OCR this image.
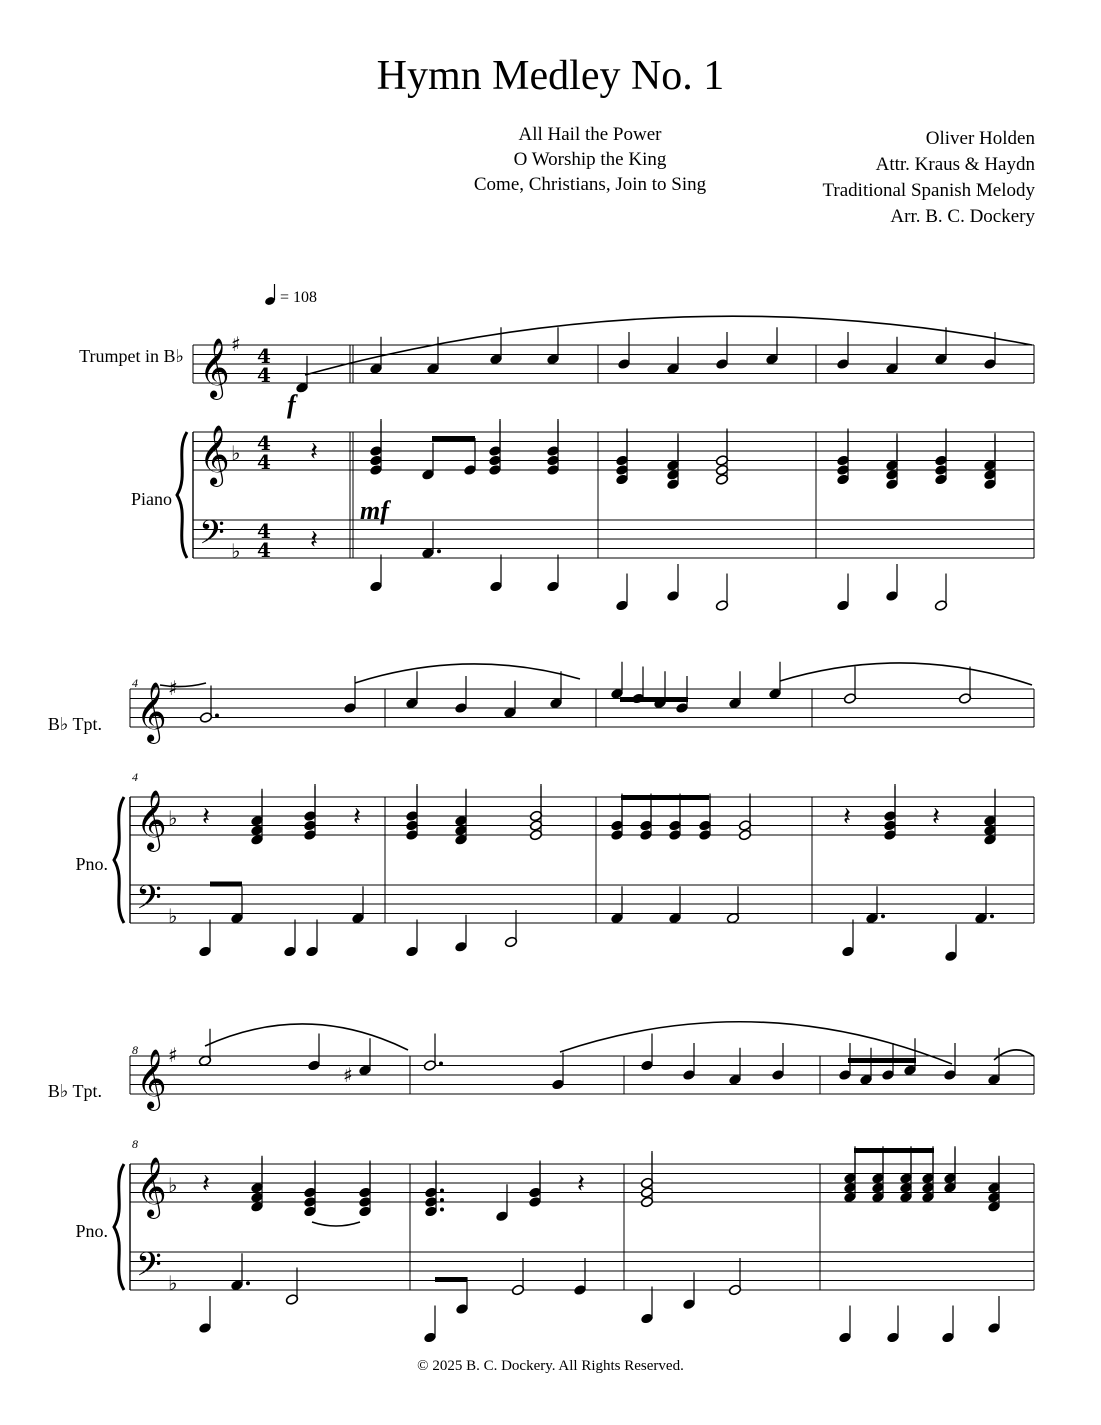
Hymn Medley No. 1
All Hail the Power
O Worship the King
Come, Christians, Join to Sing
Oliver Holden
Attr. Kraus & Haydn
Traditional Spanish Melody
Arr. B. C. Dockery
= 108
Trumpet in B♭
Piano
B♭ Tpt.
Pno.
B♭ Tpt.
Pno.
4
4
8
8
f
mf
𝄞
𝄞
𝄢
♯
♭
♭
4
4
4
4
4
4
𝄞
𝄞
𝄢
♯
♭
♭
𝄞
𝄞
𝄢
♯
♭
♭
𝄽
𝄽
𝄽	𝄽	𝄽	𝄽
♯
𝄽	𝄽
© 2025 B. C. Dockery. All Rights Reserved.
